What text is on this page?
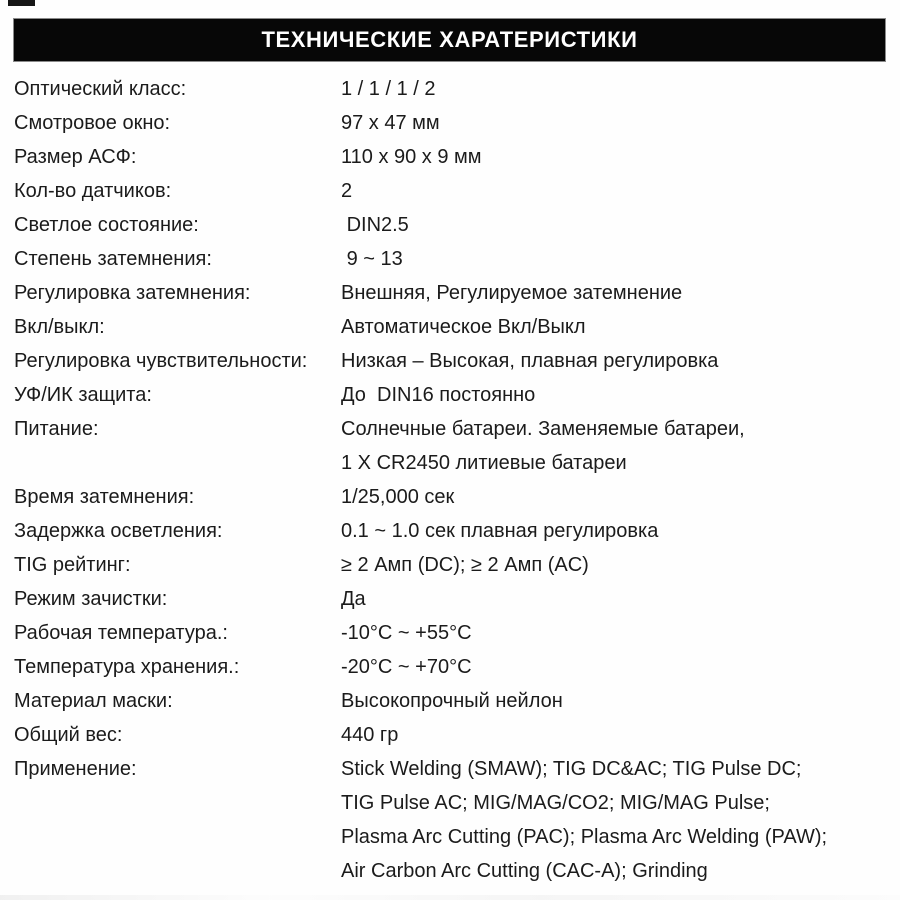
ТЕХНИЧЕСКИЕ ХАРАТЕРИСТИКИ
Оптический класс:	1 / 1 / 1 / 2
Смотровое окно:	97 x 47 мм
Размер АСФ:	110 x 90 x 9 мм
Кол-во датчиков:	2
Светлое состояние:	DIN2.5
Степень затемнения:	9 ~ 13
Регулировка затемнения:	Внешняя, Регулируемое затемнение
Вкл/выкл:	Автоматическое Вкл/Выкл
Регулировка чувствительности:	Низкая – Высокая, плавная регулировка
УФ/ИК защита:	До  DIN16 постоянно
Питание:	Солнечные батареи. Заменяемые батареи,
1 X CR2450 литиевые батареи
Время затемнения:	1/25,000 сек
Задержка осветления:	0.1 ~ 1.0 сек плавная регулировка
TIG рейтинг:	≥ 2 Амп (DC); ≥ 2 Амп (AC)
Режим зачистки:	Да
Рабочая температура.:	-10°C ~ +55°C
Температура хранения.:	-20°C ~ +70°C
Материал маски:	Высокопрочный нейлон
Общий вес:	440 гр
Применение:	Stick Welding (SMAW); TIG DC&AC; TIG Pulse DC;
TIG Pulse AC; MIG/MAG/CO2; MIG/MAG Pulse;
Plasma Arc Cutting (PAC); Plasma Arc Welding (PAW);
Air Carbon Arc Cutting (CAC-A); Grinding
